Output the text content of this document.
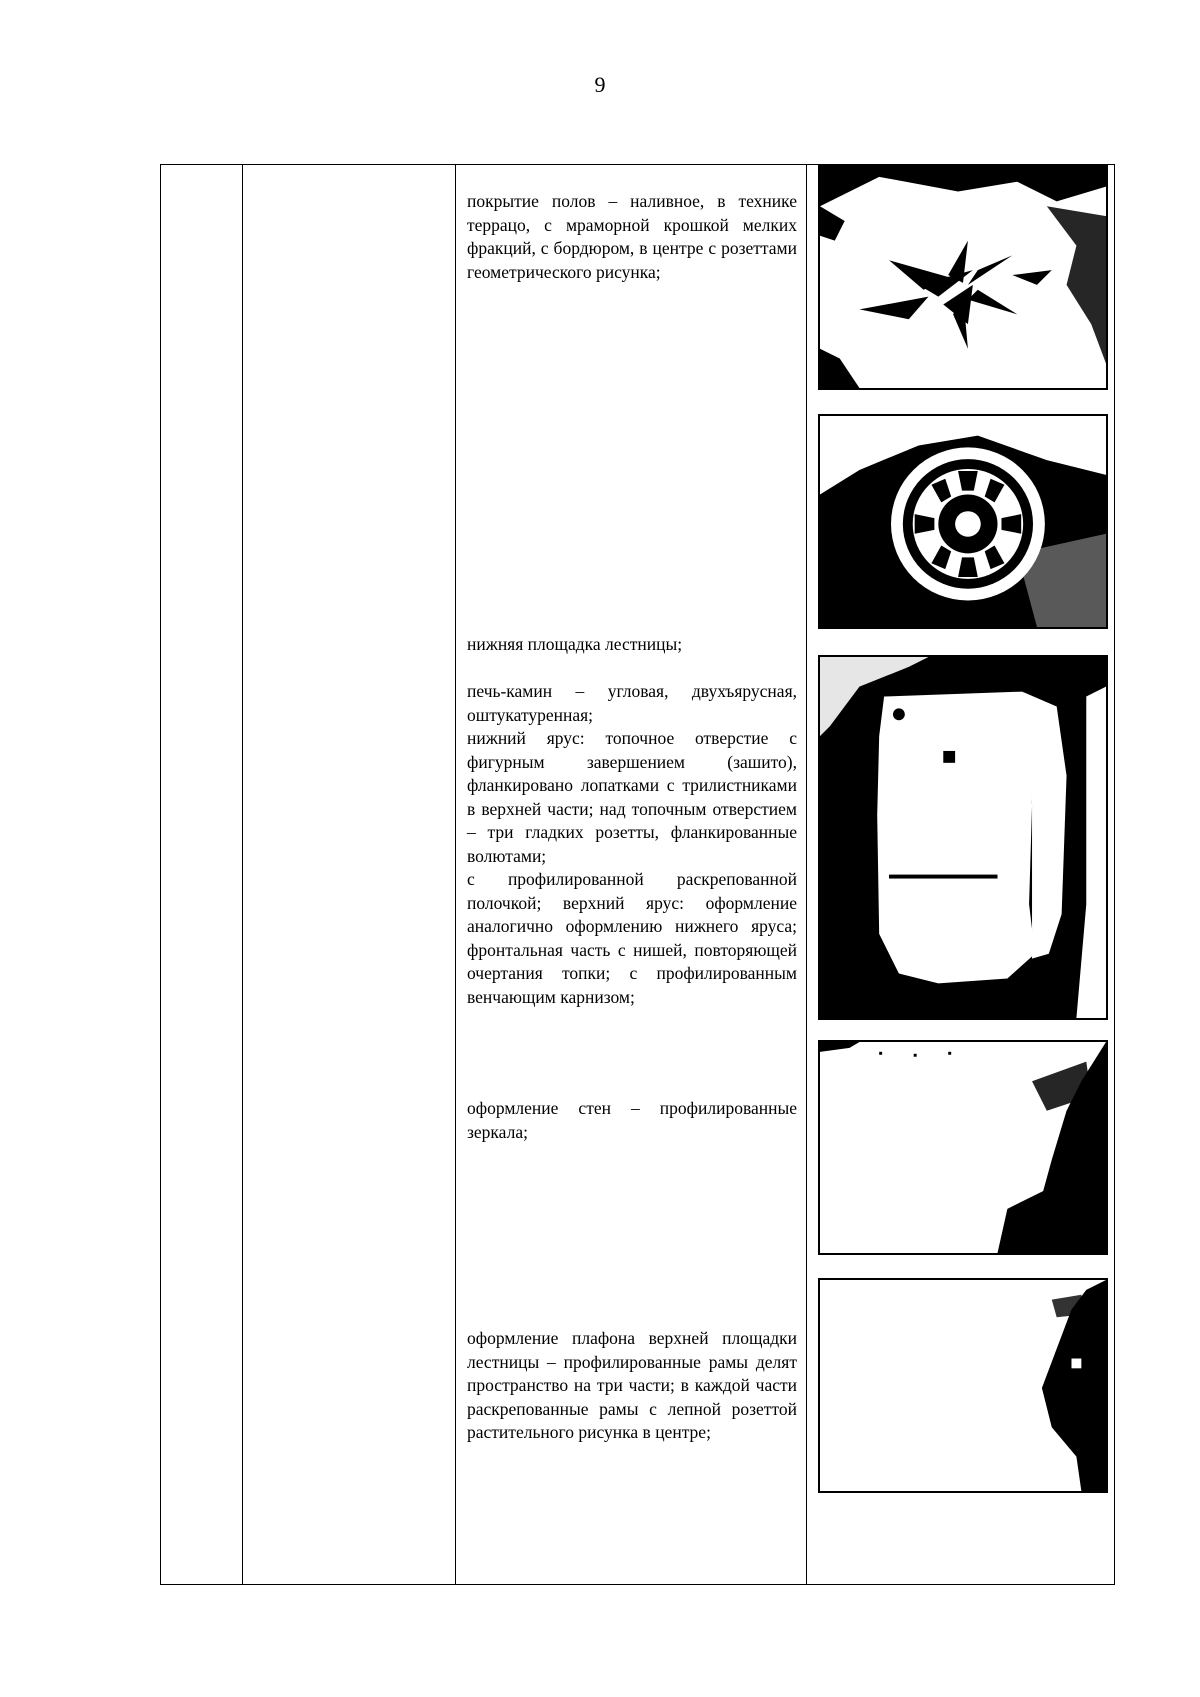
9
покрытие полов – наливное, в технике террацо, с мраморной крошкой мелких фракций, с бордюром, в центре с розеттами геометрического рисунка;
нижняя площадка лестницы;
печь-камин – угловая, двухъярусная, оштукатуренная;
нижний ярус: топочное отверстие с фигурным завершением (зашито), фланкировано лопатками с трилистниками в верхней части; над топочным отверстием – три гладких розетты, фланкированные волютами;
с профилированной раскрепованной полочкой; верхний ярус: оформление аналогично оформлению нижнего яруса; фронтальная часть с нишей, повторяющей очертания топки; с профилированным венчающим карнизом;
оформление стен – профилированные зеркала;
оформление плафона верхней площадки лестницы – профилированные рамы делят пространство на три части; в каждой части раскрепованные рамы с лепной розеттой растительного рисунка в центре;
